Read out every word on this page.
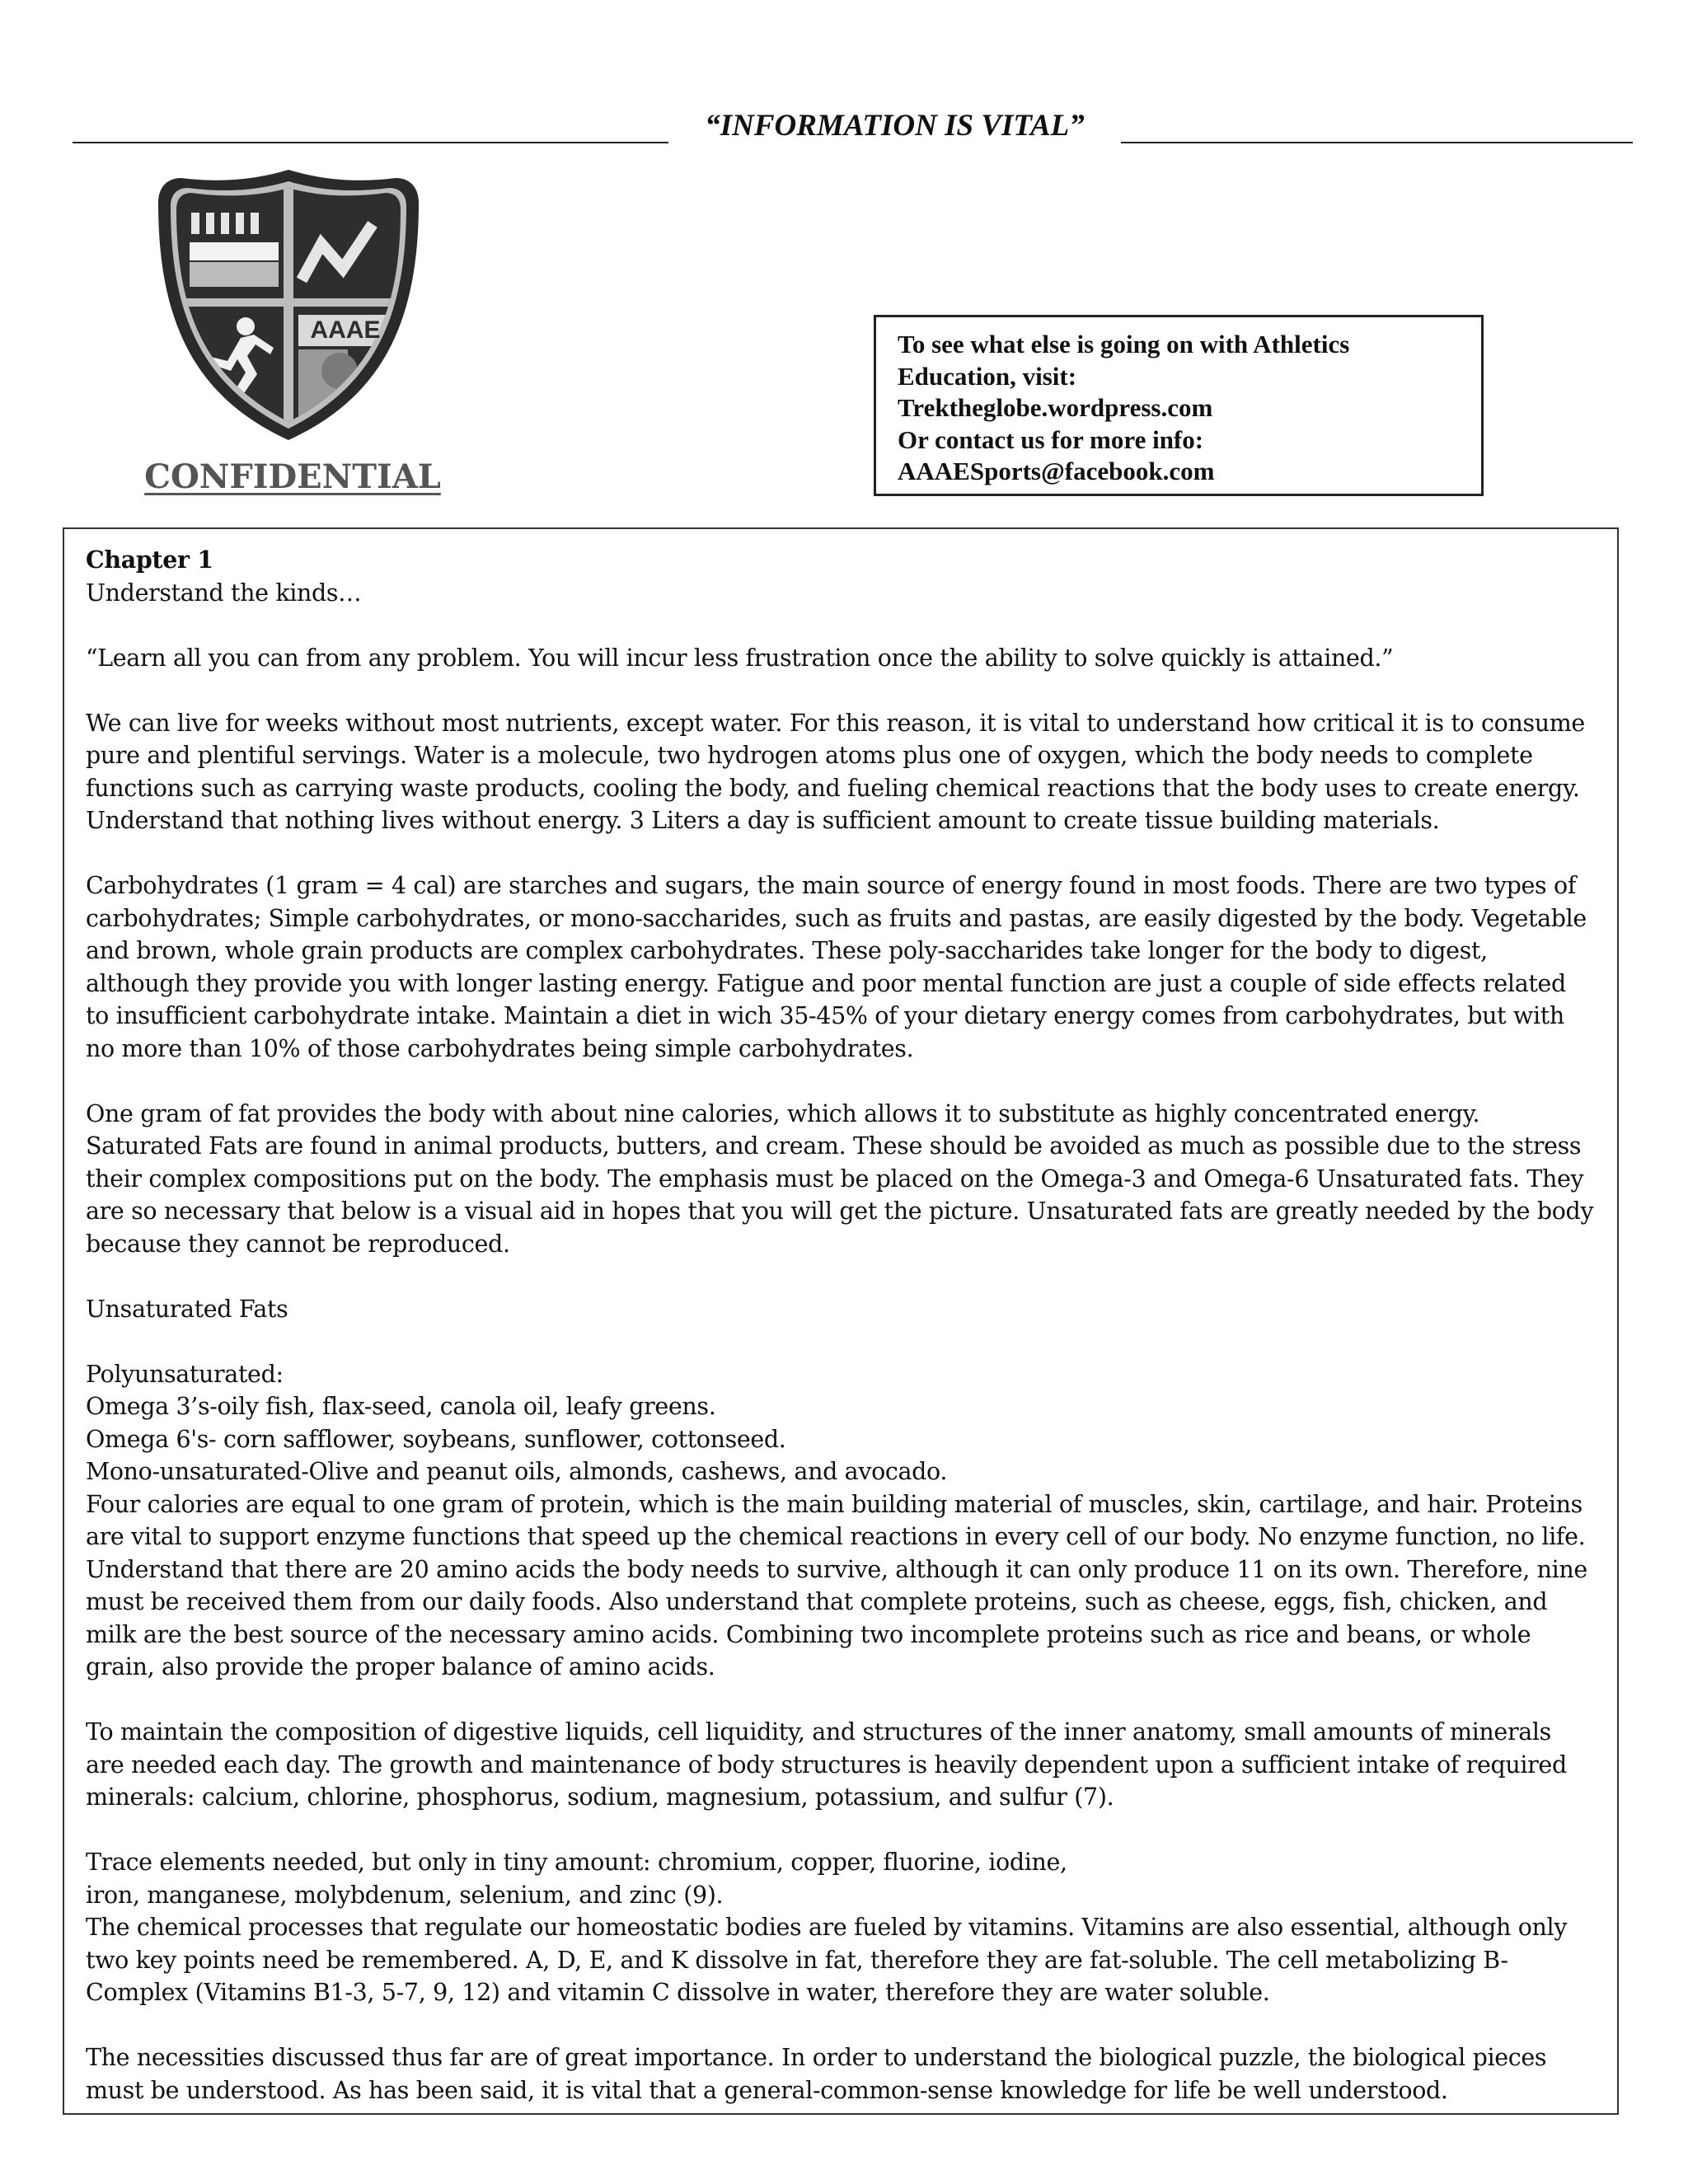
“INFORMATION IS VITAL”
AAAE
CONFIDENTIAL
To see what else is going on with Athletics
Education, visit:
Trektheglobe.wordpress.com
Or contact us for more info:
AAAESports@facebook.com

Chapter 1
Understand the kinds…

“Learn all you can from any problem. You will incur less frustration once the ability to solve quickly is attained.”

We can live for weeks without most nutrients, except water. For this reason, it is vital to understand how critical it is to consume
pure and plentiful servings. Water is a molecule, two hydrogen atoms plus one of oxygen, which the body needs to complete
functions such as carrying waste products, cooling the body, and fueling chemical reactions that the body uses to create energy.
Understand that nothing lives without energy. 3 Liters a day is sufficient amount to create tissue building materials.

Carbohydrates (1 gram = 4 cal) are starches and sugars, the main source of energy found in most foods. There are two types of
carbohydrates; Simple carbohydrates, or mono-saccharides, such as fruits and pastas, are easily digested by the body. Vegetable
and brown, whole grain products are complex carbohydrates. These poly-saccharides take longer for the body to digest,
although they provide you with longer lasting energy. Fatigue and poor mental function are just a couple of side effects related
to insufficient carbohydrate intake. Maintain a diet in wich 35-45% of your dietary energy comes from carbohydrates, but with
no more than 10% of those carbohydrates being simple carbohydrates.

One gram of fat provides the body with about nine calories, which allows it to substitute as highly concentrated energy.
Saturated Fats are found in animal products, butters, and cream. These should be avoided as much as possible due to the stress
their complex compositions put on the body. The emphasis must be placed on the Omega-3 and Omega-6 Unsaturated fats. They
are so necessary that below is a visual aid in hopes that you will get the picture. Unsaturated fats are greatly needed by the body
because they cannot be reproduced.

Unsaturated Fats

Polyunsaturated:
Omega 3’s-oily fish, flax-seed, canola oil, leafy greens.
Omega 6's- corn safflower, soybeans, sunflower, cottonseed.
Mono-unsaturated-Olive and peanut oils, almonds, cashews, and avocado.
Four calories are equal to one gram of protein, which is the main building material of muscles, skin, cartilage, and hair. Proteins
are vital to support enzyme functions that speed up the chemical reactions in every cell of our body. No enzyme function, no life.
Understand that there are 20 amino acids the body needs to survive, although it can only produce 11 on its own. Therefore, nine
must be received them from our daily foods. Also understand that complete proteins, such as cheese, eggs, fish, chicken, and
milk are the best source of the necessary amino acids. Combining two incomplete proteins such as rice and beans, or whole
grain, also provide the proper balance of amino acids.

To maintain the composition of digestive liquids, cell liquidity, and structures of the inner anatomy, small amounts of minerals
are needed each day. The growth and maintenance of body structures is heavily dependent upon a sufficient intake of required
minerals: calcium, chlorine, phosphorus, sodium, magnesium, potassium, and sulfur (7).

Trace elements needed, but only in tiny amount: chromium, copper, fluorine, iodine,
iron, manganese, molybdenum, selenium, and zinc (9).
The chemical processes that regulate our homeostatic bodies are fueled by vitamins. Vitamins are also essential, although only
two key points need be remembered. A, D, E, and K dissolve in fat, therefore they are fat-soluble. The cell metabolizing B-
Complex (Vitamins B1-3, 5-7, 9, 12) and vitamin C dissolve in water, therefore they are water soluble.

The necessities discussed thus far are of great importance. In order to understand the biological puzzle, the biological pieces
must be understood. As has been said, it is vital that a general-common-sense knowledge for life be well understood.
